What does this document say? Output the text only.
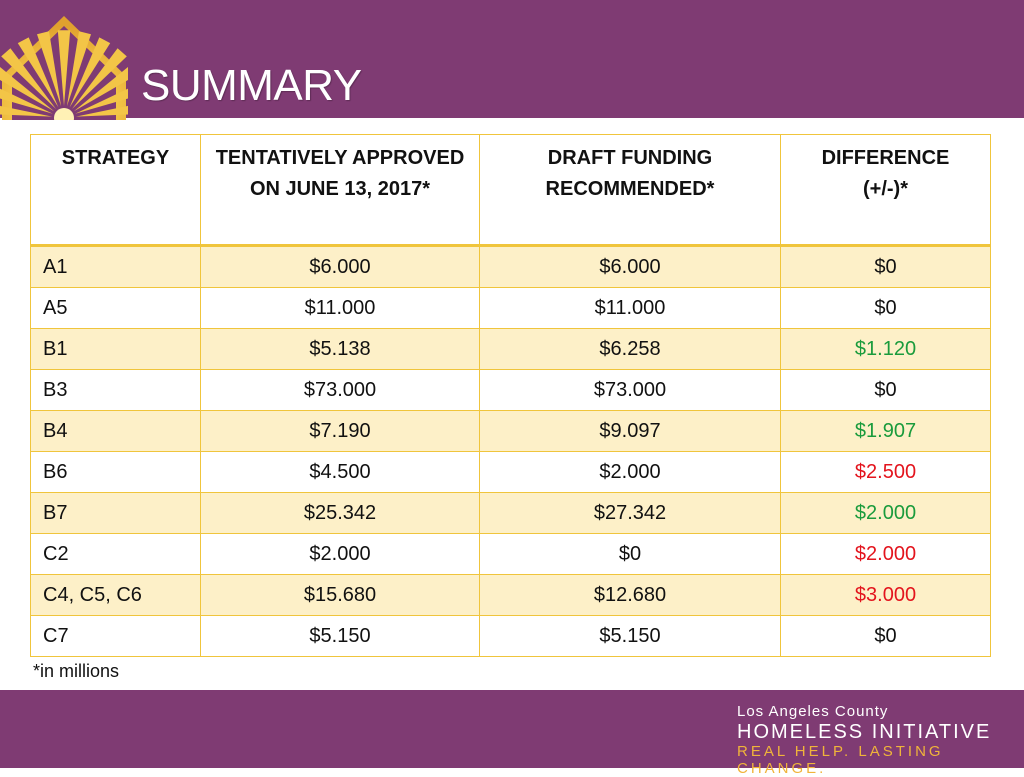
SUMMARY
STRATEGY	TENTATIVELY APPROVED ON JUNE 13, 2017*	DRAFT FUNDING RECOMMENDED*	DIFFERENCE (+/-)*

A1	$6.000	$6.000	$0
A5	$11.000	$11.000	$0
B1	$5.138	$6.258	$1.120
B3	$73.000	$73.000	$0
B4	$7.190	$9.097	$1.907
B6	$4.500	$2.000	$2.500
B7	$25.342	$27.342	$2.000
C2	$2.000	$0	$2.000
C4, C5, C6	$15.680	$12.680	$3.000
C7	$5.150	$5.150	$0
*in millions
Los Angeles County
HOMELESS INITIATIVE
REAL HELP. LASTING CHANGE.
